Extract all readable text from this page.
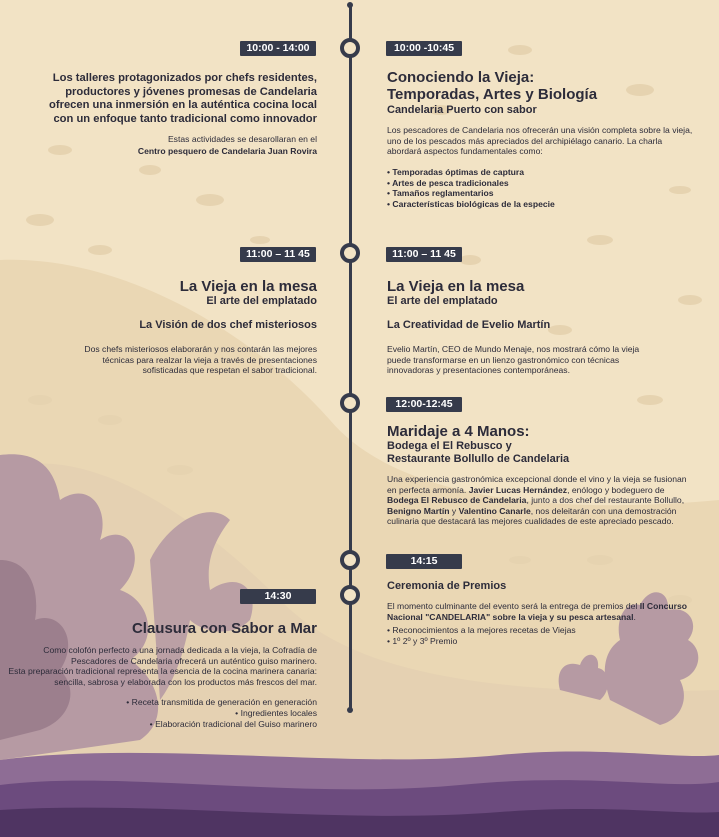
10:00 - 14:00	10:00 -10:45
Los talleres protagonizados por chefs residentes, productores y jóvenes promesas de Candelaria ofrecen una inmersión en la auténtica cocina local con un enfoque tanto tradicional como innovador
Estas actividades se desarollaran en el
Centro pesquero de Candelaria Juan Rovira
Conociendo la Vieja:
Temporadas, Artes y Biología
Candelaria Puerto con sabor
Los pescadores de Candelaria nos ofrecerán una visión completa sobre la vieja, uno de los pescados más apreciados del archipiélago canario. La charla abordará aspectos fundamentales como:
• Temporadas óptimas de captura
• Artes de pesca tradicionales
• Tamaños reglamentarios
• Características biológicas de la especie
11:00 – 11 45	11:00 – 11 45
La Vieja en la mesa
El arte del emplatado
La Visión de dos chef misteriosos
Dos chefs misteriosos elaborarán y nos contarán las mejores técnicas para realzar la vieja a través de presentaciones sofisticadas que respetan el sabor tradicional.
La Vieja en la mesa
El arte del emplatado
La Creatividad de Evelio Martín
Evelio Martín, CEO de Mundo Menaje, nos mostrará cómo la vieja puede transformarse en un lienzo gastronómico con técnicas innovadoras y presentaciones contemporáneas.
12:00-12:45
Maridaje a 4 Manos:
Bodega el El Rebusco y
Restaurante Bollullo de Candelaria
Una experiencia gastronómica excepcional donde el vino y la vieja se fusionan en perfecta armonía. Javier Lucas Hernández, enólogo y bodeguero de Bodega El Rebusco de Candelaria, junto a dos chef del restaurante Bollullo, Benigno Martín y Valentino Canarle, nos deleitarán con una demostración culinaria que destacará las mejores cualidades de este apreciado pescado.
14:15
Ceremonia de Premios
El momento culminante del evento será la entrega de premios del II Concurso Nacional "CANDELARIA" sobre la vieja y su pesca artesanal.
• Reconocimientos a la mejores recetas de Viejas
• 1º 2º y 3º Premio
14:30
Clausura con Sabor a Mar
Como colofón perfecto a una jornada dedicada a la vieja, la Cofradía de Pescadores de Candelaria ofrecerá un auténtico guiso marinero.
Esta preparación tradicional representa la esencia de la cocina marinera canaria: sencilla, sabrosa y elaborada con los productos más frescos del mar.
• Receta transmitida de generación en generación
• Ingredientes locales
• Elaboración tradicional del Guiso marinero
